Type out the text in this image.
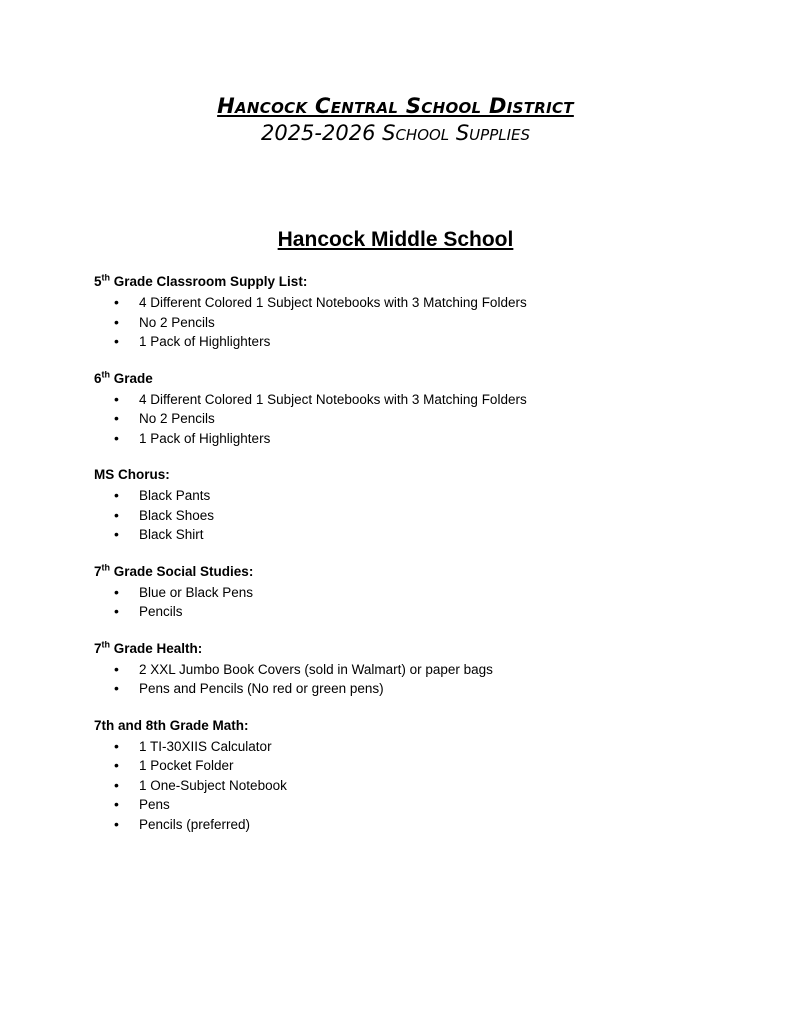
Hancock Central School District
2025-2026 School Supplies
Hancock Middle School
5th Grade Classroom Supply List:
• 4 Different Colored 1 Subject Notebooks with 3 Matching Folders
• No 2 Pencils
• 1 Pack of Highlighters
6th Grade
• 4 Different Colored 1 Subject Notebooks with 3 Matching Folders
• No 2 Pencils
• 1 Pack of Highlighters
MS Chorus:
• Black Pants
• Black Shoes
• Black Shirt
7th Grade Social Studies:
• Blue or Black Pens
• Pencils
7th Grade Health:
• 2 XXL Jumbo Book Covers (sold in Walmart) or paper bags
• Pens and Pencils (No red or green pens)
7th and 8th Grade Math:
• 1 TI-30XIIS Calculator
• 1 Pocket Folder
• 1 One-Subject Notebook
• Pens
• Pencils (preferred)
